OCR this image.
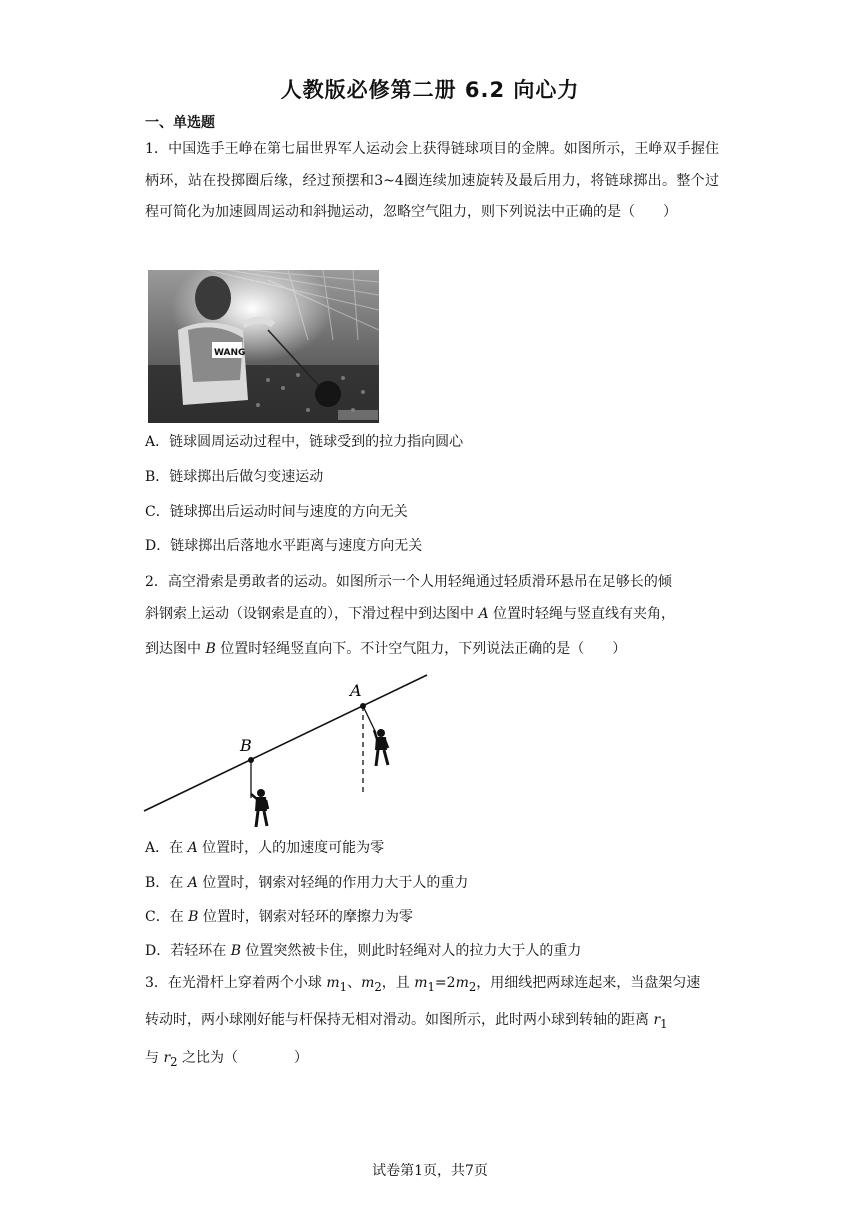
人教版必修第二册 6.2 向心力
一、单选题
1．中国选手王峥在第七届世界军人运动会上获得链球项目的金牌。如图所示，王峥双手握住柄环，站在投掷圈后缘，经过预摆和3~4圈连续加速旋转及最后用力，将链球掷出。整个过程可简化为加速圆周运动和斜抛运动，忽略空气阻力，则下列说法中正确的是（　　）
WANG
A．链球圆周运动过程中，链球受到的拉力指向圆心
B．链球掷出后做匀变速运动
C．链球掷出后运动时间与速度的方向无关
D．链球掷出后落地水平距离与速度方向无关
2．高空滑索是勇敢者的运动。如图所示一个人用轻绳通过轻质滑环悬吊在足够长的倾
斜钢索上运动（设钢索是直的），下滑过程中到达图中 A 位置时轻绳与竖直线有夹角，
到达图中 B 位置时轻绳竖直向下。不计空气阻力，下列说法正确的是（　　）
A
B
A．在 A 位置时，人的加速度可能为零
B．在 A 位置时，钢索对轻绳的作用力大于人的重力
C．在 B 位置时，钢索对轻环的摩擦力为零
D．若轻环在 B 位置突然被卡住，则此时轻绳对人的拉力大于人的重力
3．在光滑杆上穿着两个小球 $m_1$、$m_2$，且 $m_1=2m_2$，用细线把两球连起来，当盘架匀速
转动时，两小球刚好能与杆保持无相对滑动。如图所示，此时两小球到转轴的距离 $r_1$
与 $r_2$ 之比为（　　　　）
试卷第1页，共7页
